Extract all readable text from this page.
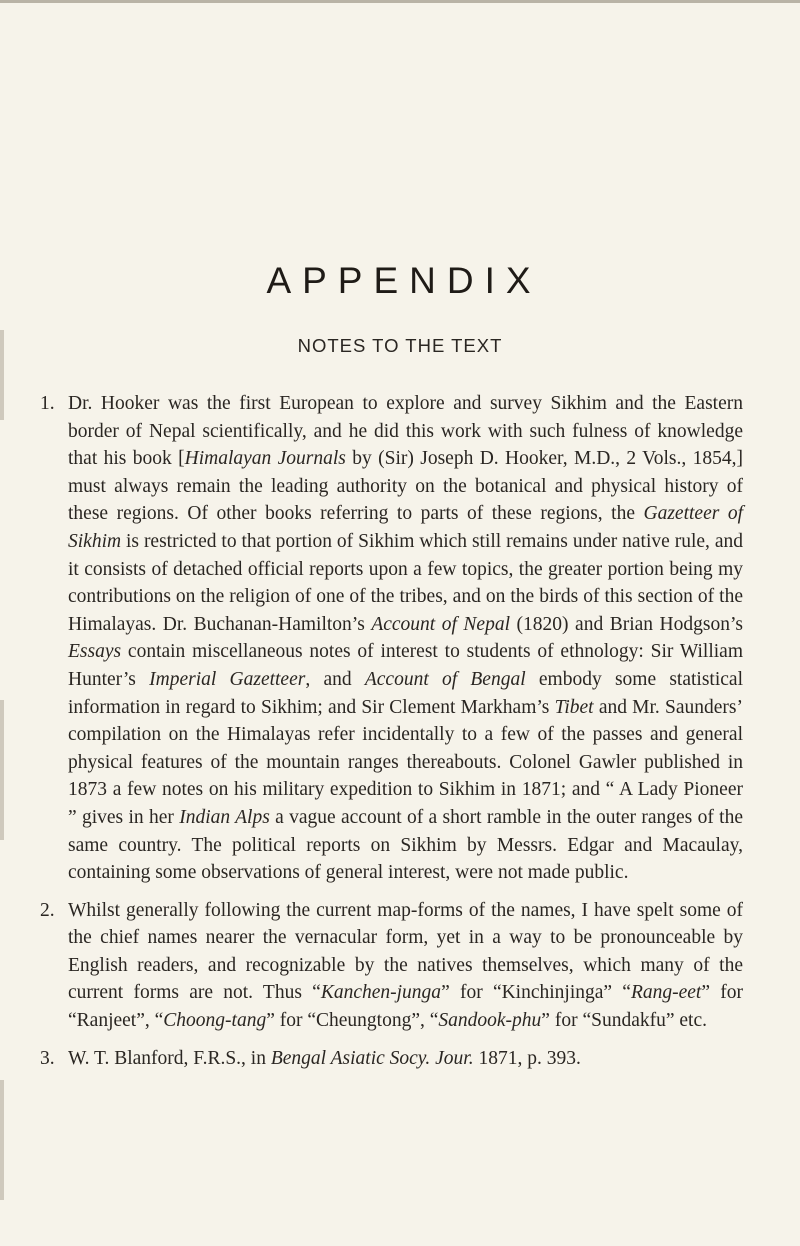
APPENDIX
NOTES TO THE TEXT

1. Dr. Hooker was the first European to explore and survey Sikhim and the Eastern border of Nepal scientifically, and he did this work with such fulness of knowledge that his book [Himalayan Journals by (Sir) Joseph D. Hooker, M.D., 2 Vols., 1854,] must always remain the leading authority on the botanical and physical history of these regions. Of other books referring to parts of these regions, the Gazetteer of Sikhim is restricted to that portion of Sikhim which still remains under native rule, and it consists of detached official reports upon a few topics, the greater portion being my contributions on the religion of one of the tribes, and on the birds of this section of the Himalayas. Dr. Buchanan-Hamilton’s Account of Nepal (1820) and Brian Hodgson’s Essays contain miscellaneous notes of interest to students of ethnology: Sir William Hunter’s Imperial Gazetteer, and Account of Bengal embody some statistical information in regard to Sikhim; and Sir Clement Markham’s Tibet and Mr. Saunders’ compilation on the Himalayas refer incidentally to a few of the passes and general physical features of the mountain ranges thereabouts. Colonel Gawler published in 1873 a few notes on his military expedition to Sikhim in 1871; and “ A Lady Pioneer ” gives in her Indian Alps a vague account of a short ramble in the outer ranges of the same country. The political reports on Sikhim by Messrs. Edgar and Macaulay, containing some observations of general interest, were not made public.

2. Whilst generally following the current map-forms of the names, I have spelt some of the chief names nearer the vernacular form, yet in a way to be pronounceable by English readers, and recognizable by the natives themselves, which many of the current forms are not. Thus “Kanchen-junga” for “Kinchinjinga” “Rang-eet” for “Ranjeet”, “Choong-tang” for “Cheungtong”, “Sandook-phu” for “Sundakfu” etc.

3. W. T. Blanford, F.R.S., in Bengal Asiatic Socy. Jour. 1871, p. 393.
